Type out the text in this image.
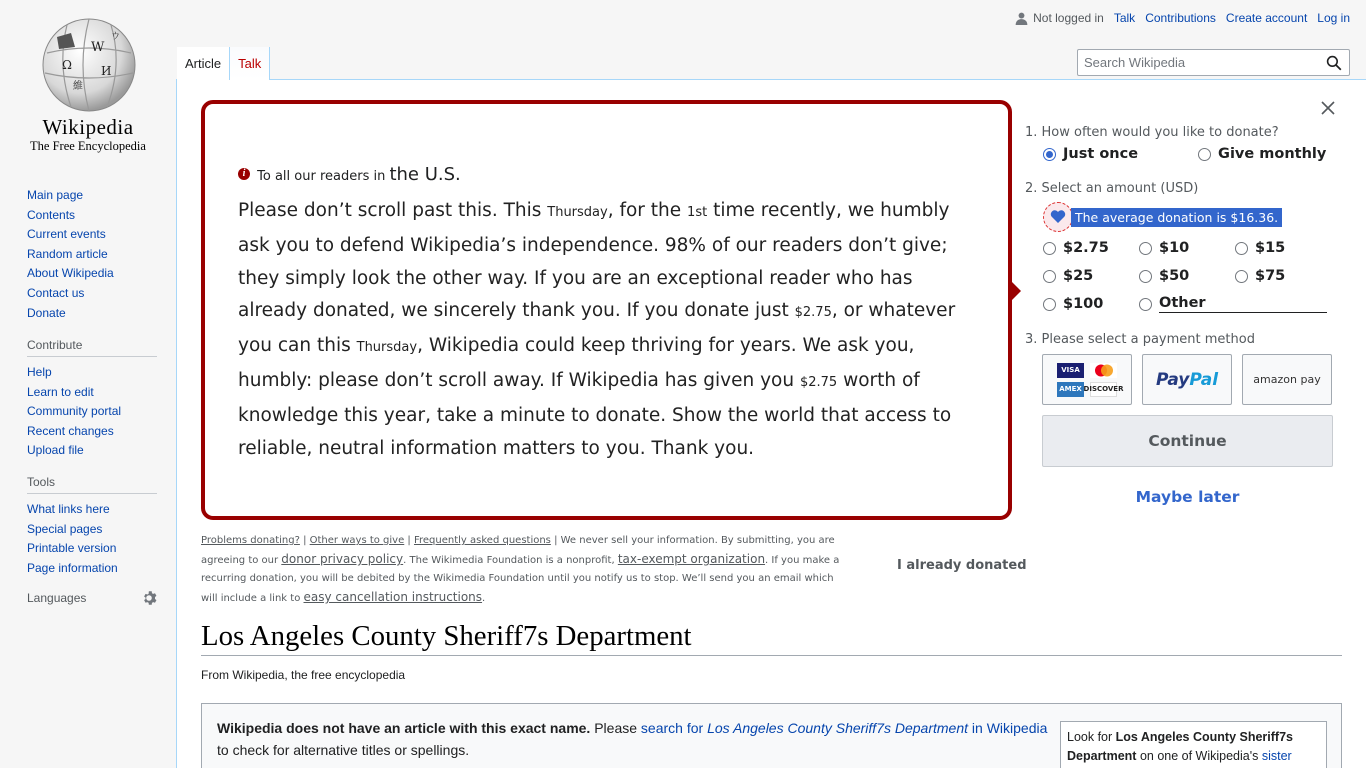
W
Ω И
維
ウ
Wikipedia
The Free Encyclopedia
Main page
Contents
Current events
Random article
About Wikipedia
Contact us
Donate
Contribute
Help
Learn to edit
Community portal
Recent changes
Upload file
Tools
What links here
Special pages
Printable version
Page information
Languages
Not logged in Talk Contributions Create account Log in
Article	Talk
Search Wikipedia
i To all our readers in the U.S.
Please don’t scroll past this. This Thursday, for the 1st time recently, we humbly ask you to defend Wikipedia’s independence. 98% of our readers don’t give; they simply look the other way. If you are an exceptional reader who has already donated, we sincerely thank you. If you donate just $2.75, or whatever you can this Thursday, Wikipedia could keep thriving for years. We ask you, humbly: please don’t scroll away. If Wikipedia has given you $2.75 worth of knowledge this year, take a minute to donate. Show the world that access to reliable, neutral information matters to you. Thank you.
Problems donating? | Other ways to give | Frequently asked questions | We never sell your information. By submitting, you are agreeing to our donor privacy policy. The Wikimedia Foundation is a nonprofit, tax-exempt organization. If you make a recurring donation, you will be debited by the Wikimedia Foundation until you notify us to stop. We’ll send you an email which will include a link to easy cancellation instructions.
I already donated
1. How often would you like to donate?
Just once	Give monthly
2. Select an amount (USD)
The average donation is $16.36.
$2.75	$10	$15
$25	$50	$75
$100	Other
3. Please select a payment method
VISA
AMEX DISCOVER PayPal	amazon pay
Continue
Maybe later
Los Angeles County Sheriff7s Department
From Wikipedia, the free encyclopedia
Wikipedia does not have an article with this exact name. Please search for Los Angeles County Sheriff7s Department in Wikipedia to check for alternative titles or spellings.
Look for Los Angeles County Sheriff7s Department on one of Wikipedia's sister
